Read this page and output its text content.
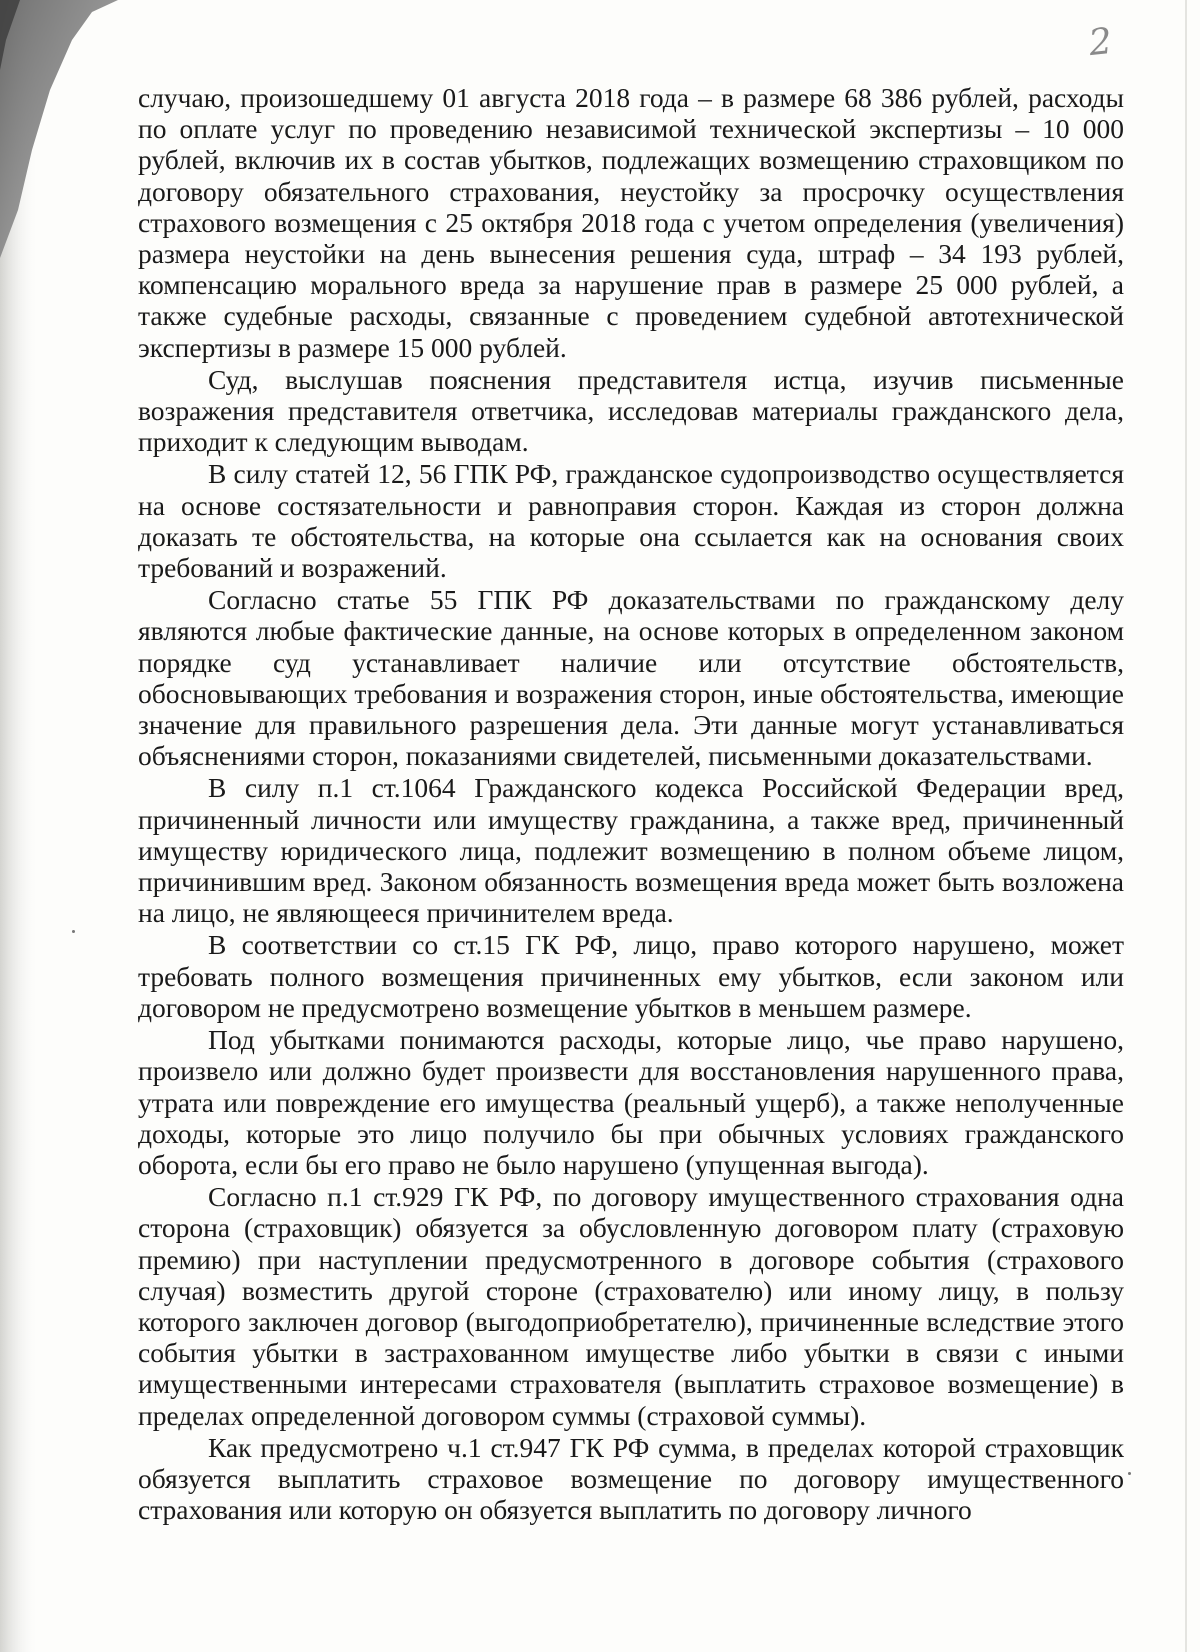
2

случаю, произошедшему 01 августа 2018 года – в размере 68 386 рублей, расходы по оплате услуг по проведению независимой технической экспертизы – 10 000 рублей, включив их в состав убытков, подлежащих возмещению страховщиком по договору обязательного страхования, неустойку за просрочку осуществления страхового возмещения с 25 октября 2018 года с учетом определения (увеличения) размера неустойки на день вынесения решения суда, штраф – 34 193 рублей, компенсацию морального вреда за нарушение прав в размере 25 000 рублей, а также судебные расходы, связанные с проведением судебной автотехнической экспертизы в размере 15 000 рублей.

Суд, выслушав пояснения представителя истца, изучив письменные возражения представителя ответчика, исследовав материалы гражданского дела, приходит к следующим выводам.

В силу статей 12, 56 ГПК РФ, гражданское судопроизводство осуществляется на основе состязательности и равноправия сторон. Каждая из сторон должна доказать те обстоятельства, на которые она ссылается как на основания своих требований и возражений.

Согласно статье 55 ГПК РФ доказательствами по гражданскому делу являются любые фактические данные, на основе которых в определенном законом порядке суд устанавливает наличие или отсутствие обстоятельств, обосновывающих требования и возражения сторон, иные обстоятельства, имеющие значение для правильного разрешения дела. Эти данные могут устанавливаться объяснениями сторон, показаниями свидетелей, письменными доказательствами.

В силу п.1 ст.1064 Гражданского кодекса Российской Федерации вред, причиненный личности или имуществу гражданина, а также вред, причиненный имуществу юридического лица, подлежит возмещению в полном объеме лицом, причинившим вред. Законом обязанность возмещения вреда может быть возложена на лицо, не являющееся причинителем вреда.

В соответствии со ст.15 ГК РФ, лицо, право которого нарушено, может требовать полного возмещения причиненных ему убытков, если законом или договором не предусмотрено возмещение убытков в меньшем размере.

Под убытками понимаются расходы, которые лицо, чье право нарушено, произвело или должно будет произвести для восстановления нарушенного права, утрата или повреждение его имущества (реальный ущерб), а также неполученные доходы, которые это лицо получило бы при обычных условиях гражданского оборота, если бы его право не было нарушено (упущенная выгода).

Согласно п.1 ст.929 ГК РФ, по договору имущественного страхования одна сторона (страховщик) обязуется за обусловленную договором плату (страховую премию) при наступлении предусмотренного в договоре события (страхового случая) возместить другой стороне (страхователю) или иному лицу, в пользу которого заключен договор (выгодоприобретателю), причиненные вследствие этого события убытки в застрахованном имуществе либо убытки в связи с иными имущественными интересами страхователя (выплатить страховое возмещение) в пределах определенной договором суммы (страховой суммы).

Как предусмотрено ч.1 ст.947 ГК РФ сумма, в пределах которой страховщик обязуется выплатить страховое возмещение по договору имущественного страхования или которую он обязуется выплатить по договору личного
